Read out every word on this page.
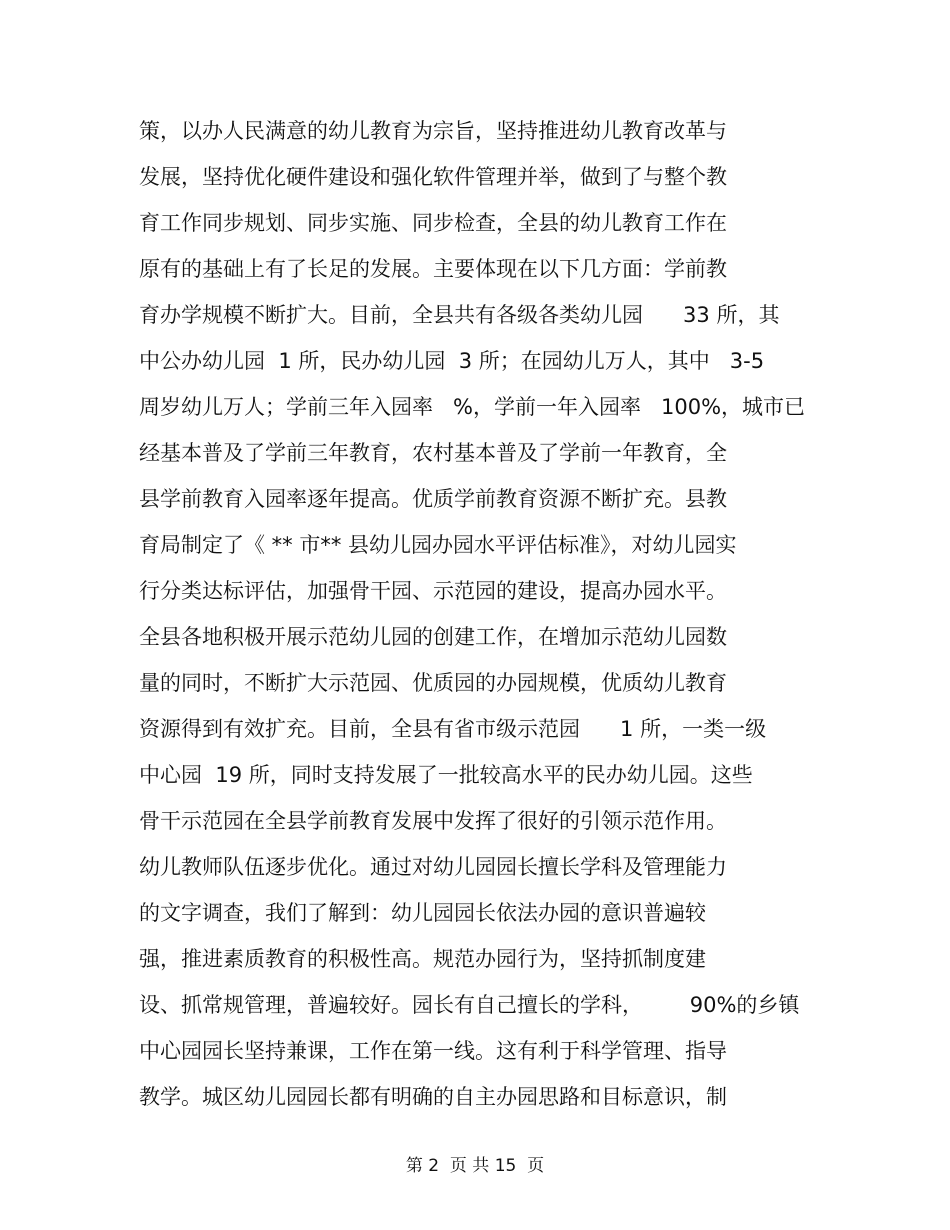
策，以办人民满意的幼儿教育为宗旨，坚持推进幼儿教育改革与
发展，坚持优化硬件建设和强化软件管理并举，做到了与整个教
育工作同步规划、同步实施、同步检查，全县的幼儿教育工作在
原有的基础上有了长足的发展。主要体现在以下几方面：学前教
育办学规模不断扩大。目前，全县共有各级各类幼儿园      33 所，其
中公办幼儿园  1 所，民办幼儿园  3 所；在园幼儿万人，其中   3-5
周岁幼儿万人；学前三年入园率   %，学前一年入园率   100%，城市已
经基本普及了学前三年教育，农村基本普及了学前一年教育，全
县学前教育入园率逐年提高。优质学前教育资源不断扩充。县教
育局制定了《 ** 市** 县幼儿园办园水平评估标准》，对幼儿园实
行分类达标评估，加强骨干园、示范园的建设，提高办园水平。
全县各地积极开展示范幼儿园的创建工作，在增加示范幼儿园数
量的同时，不断扩大示范园、优质园的办园规模，优质幼儿教育
资源得到有效扩充。目前，全县有省市级示范园      1 所，一类一级
中心园  19 所，同时支持发展了一批较高水平的民办幼儿园。这些
骨干示范园在全县学前教育发展中发挥了很好的引领示范作用。
幼儿教师队伍逐步优化。通过对幼儿园园长擅长学科及管理能力
的文字调查，我们了解到：幼儿园园长依法办园的意识普遍较
强，推进素质教育的积极性高。规范办园行为，坚持抓制度建
设、抓常规管理，普遍较好。园长有自己擅长的学科，       90%的乡镇
中心园园长坚持兼课，工作在第一线。这有利于科学管理、指导
教学。城区幼儿园园长都有明确的自主办园思路和目标意识，制
第 2  页 共 15  页
